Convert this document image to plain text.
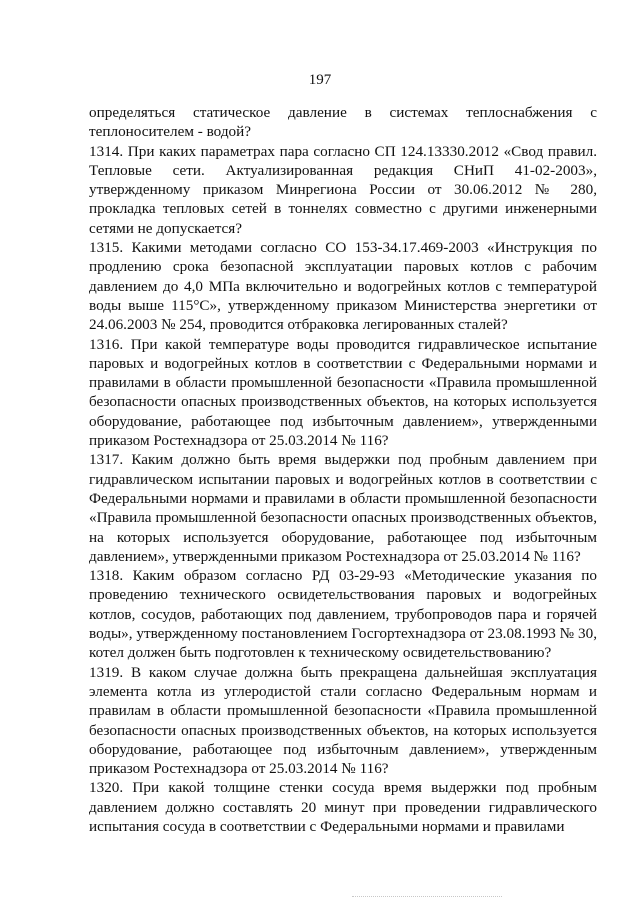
197

определяться статическое давление в системах теплоснабжения с теплоносителем - водой?

1314. При каких параметрах пара согласно СП 124.13330.2012 «Свод правил. Тепловые сети. Актуализированная редакция СНиП 41-02-2003», утвержденному приказом Минрегиона России от 30.06.2012 № 280, прокладка тепловых сетей в тоннелях совместно с другими инженерными сетями не допускается?

1315. Какими методами согласно СО 153-34.17.469-2003 «Инструкция по продлению срока безопасной эксплуатации паровых котлов с рабочим давлением до 4,0 МПа включительно и водогрейных котлов с температурой воды выше 115°С», утвержденному приказом Министерства энергетики от 24.06.2003 № 254, проводится отбраковка легированных сталей?

1316. При какой температуре воды проводится гидравлическое испытание паровых и водогрейных котлов в соответствии с Федеральными нормами и правилами в области промышленной безопасности «Правила промышленной безопасности опасных производственных объектов, на которых используется оборудование, работающее под избыточным давлением», утвержденными приказом Ростехнадзора от 25.03.2014 № 116?

1317. Каким должно быть время выдержки под пробным давлением при гидравлическом испытании паровых и водогрейных котлов в соответствии с Федеральными нормами и правилами в области промышленной безопасности «Правила промышленной безопасности опасных производственных объектов, на которых используется оборудование, работающее под избыточным давлением», утвержденными приказом Ростехнадзора от 25.03.2014 № 116?

1318. Каким образом согласно РД 03-29-93 «Методические указания по проведению технического освидетельствования паровых и водогрейных котлов, сосудов, работающих под давлением, трубопроводов пара и горячей воды», утвержденному постановлением Госгортехнадзора от 23.08.1993 № 30, котел должен быть подготовлен к техническому освидетельствованию?

1319. В каком случае должна быть прекращена дальнейшая эксплуатация элемента котла из углеродистой стали согласно Федеральным нормам и правилам в области промышленной безопасности «Правила промышленной безопасности опасных производственных объектов, на которых используется оборудование, работающее под избыточным давлением», утвержденным приказом Ростехнадзора от 25.03.2014 № 116?

1320. При какой толщине стенки сосуда время выдержки под пробным давлением должно составлять 20 минут при проведении гидравлического испытания сосуда в соответствии с Федеральными нормами и правилами
